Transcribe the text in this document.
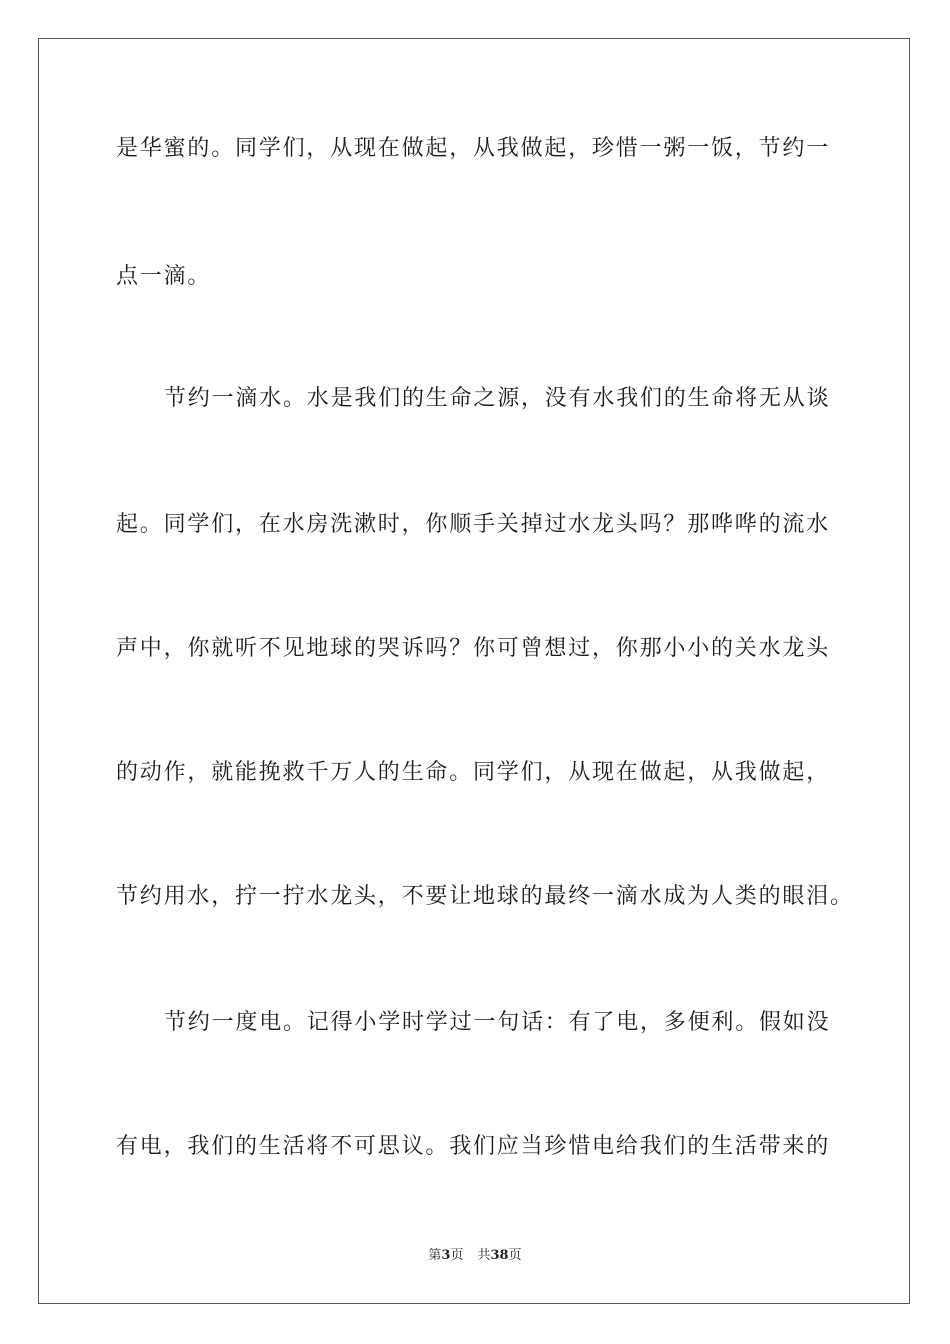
是华蜜的。同学们，从现在做起，从我做起，珍惜一粥一饭，节约一
点一滴。
节约一滴水。水是我们的生命之源，没有水我们的生命将无从谈
起。同学们，在水房洗漱时，你顺手关掉过水龙头吗？那哗哗的流水
声中，你就听不见地球的哭诉吗？你可曾想过，你那小小的关水龙头
的动作，就能挽救千万人的生命。同学们，从现在做起，从我做起，
节约用水，拧一拧水龙头，不要让地球的最终一滴水成为人类的眼泪。
节约一度电。记得小学时学过一句话：有了电，多便利。假如没
有电，我们的生活将不可思议。我们应当珍惜电给我们的生活带来的
第3页 共38页
